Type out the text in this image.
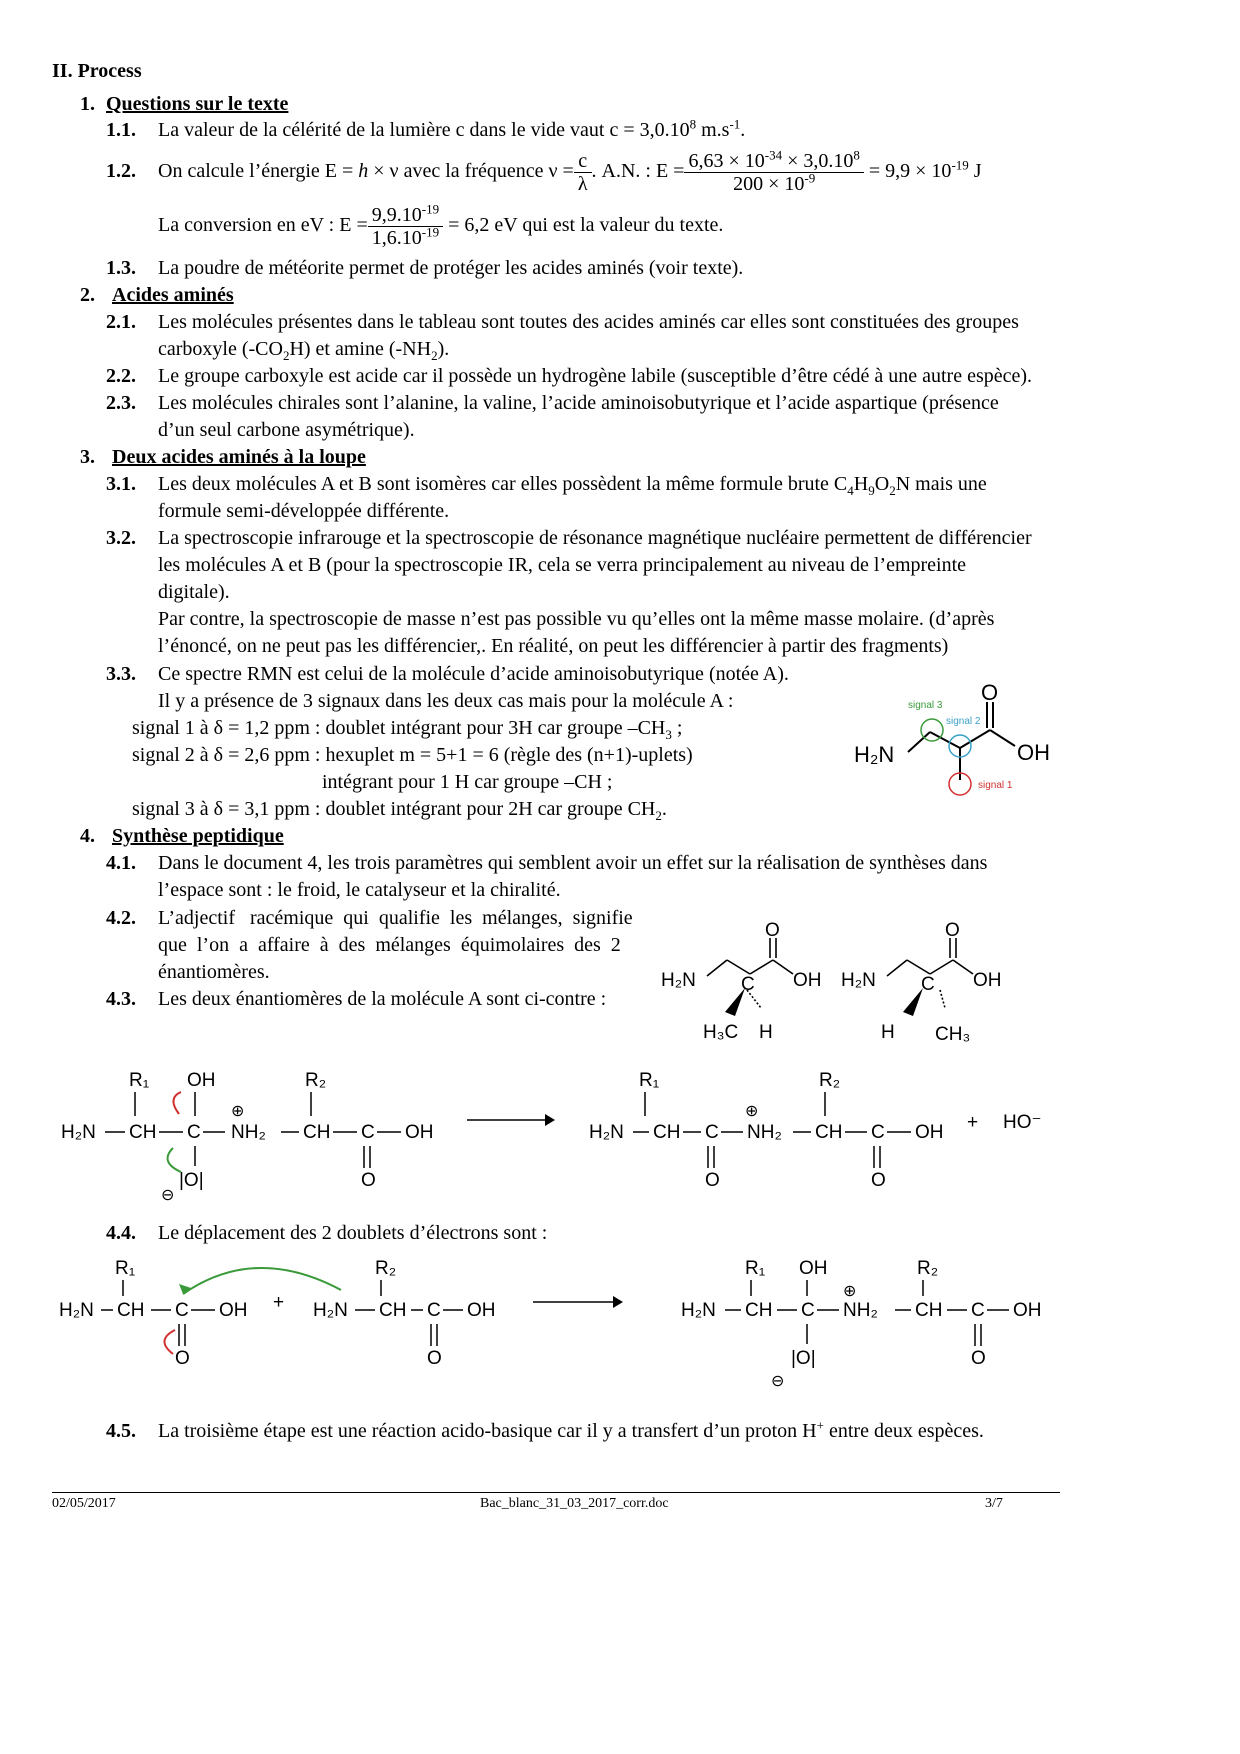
II. Process
1. Questions sur le texte
1.1. La valeur de la célérité de la lumière c dans le vide vaut $c = 3,0.10^8$ $m.s^{-1}$.
1.2. On calcule l’énergie E = h × ν avec la fréquence $\nu = \frac{c}{\lambda}$ . A.N. : $E = \frac{6,63 \times 10^{-34} \times 3,0.10^8}{200 \times 10^{-9}} = 9,9 \times 10^{-19}$ J
La conversion en eV : $E = \frac{9,9.10^{-19}}{1,6.10^{-19}} = 6,2$ eV qui est la valeur du texte.
1.3. La poudre de météorite permet de protéger les acides aminés (voir texte).
2. Acides aminés
2.1. Les molécules présentes dans le tableau sont toutes des acides aminés car elles sont constituées des groupes
carboxyle $(-CO_2H)$ et amine $(-NH_2)$.
2.2. Le groupe carboxyle est acide car il possède un hydrogène labile (susceptible d’être cédé à une autre espèce).
2.3. Les molécules chirales sont l’alanine, la valine, l’acide aminoisobutyrique et l’acide aspartique (présence
d’un seul carbone asymétrique).
3. Deux acides aminés à la loupe
3.1. Les deux molécules A et B sont isomères car elles possèdent la même formule brute $C_4H_9O_2N$ mais une
formule semi-développée différente.
3.2. La spectroscopie infrarouge et la spectroscopie de résonance magnétique nucléaire permettent de différencier
les molécules A et B (pour la spectroscopie IR, cela se verra principalement au niveau de l’empreinte
digitale).
Par contre, la spectroscopie de masse n’est pas possible vu qu’elles ont la même masse molaire. (d’après
l’énoncé, on ne peut pas les différencier,. En réalité, on peut les différencier à partir des fragments)
3.3. Ce spectre RMN est celui de la molécule d’acide aminoisobutyrique (notée A).
Il y a présence de 3 signaux dans les deux cas mais pour la molécule A :
signal 1 à δ = 1,2 ppm : doublet intégrant pour 3H car groupe $-CH_3$ ;
signal 2 à δ = 2,6 ppm : hexuplet m = 5+1 = 6 (règle des (n+1)-uplets)
intégrant pour 1 H car groupe –CH ;
signal 3 à δ = 3,1 ppm : doublet intégrant pour 2H car groupe $CH_2$.
H₂N
O
OH
signal 3
signal 2
signal 1
4. Synthèse peptidique
4.1. Dans le document 4, les trois paramètres qui semblent avoir un effet sur la réalisation de synthèses dans
l’espace sont : le froid, le catalyseur et la chiralité.
4.2. L’adjectif   racémique  qui  qualifie  les  mélanges,  signifie
que  l’on  a  affaire  à  des  mélanges  équimolaires  des  2
énantiomères.
4.3. Les deux énantiomères de la molécule A sont ci-contre :
H₂N
O
OH
C
H₃C H
H₂N
O
OH
C
H CH₃
R₁ OH	R₂
H₂N CH C NH₂
⊕
CH C OH
O
|O|
⊖
R₁	R₂
H₂N CH C NH₂
⊕
CH C OH
O	O
+ HO⁻
4.4. Le déplacement des 2 doublets d’électrons sont :
R₁	R₂
H₂N CH C OH + H₂N CH C OH
O	O
R₁ OH	R₂
H₂N CH C NH₂
⊕
CH C OH
|O|
⊖
O
4.5. La troisième étape est une réaction acido-basique car il y a transfert d’un proton H+ entre deux espèces.
02/05/2017	Bac_blanc_31_03_2017_corr.doc	3/7
